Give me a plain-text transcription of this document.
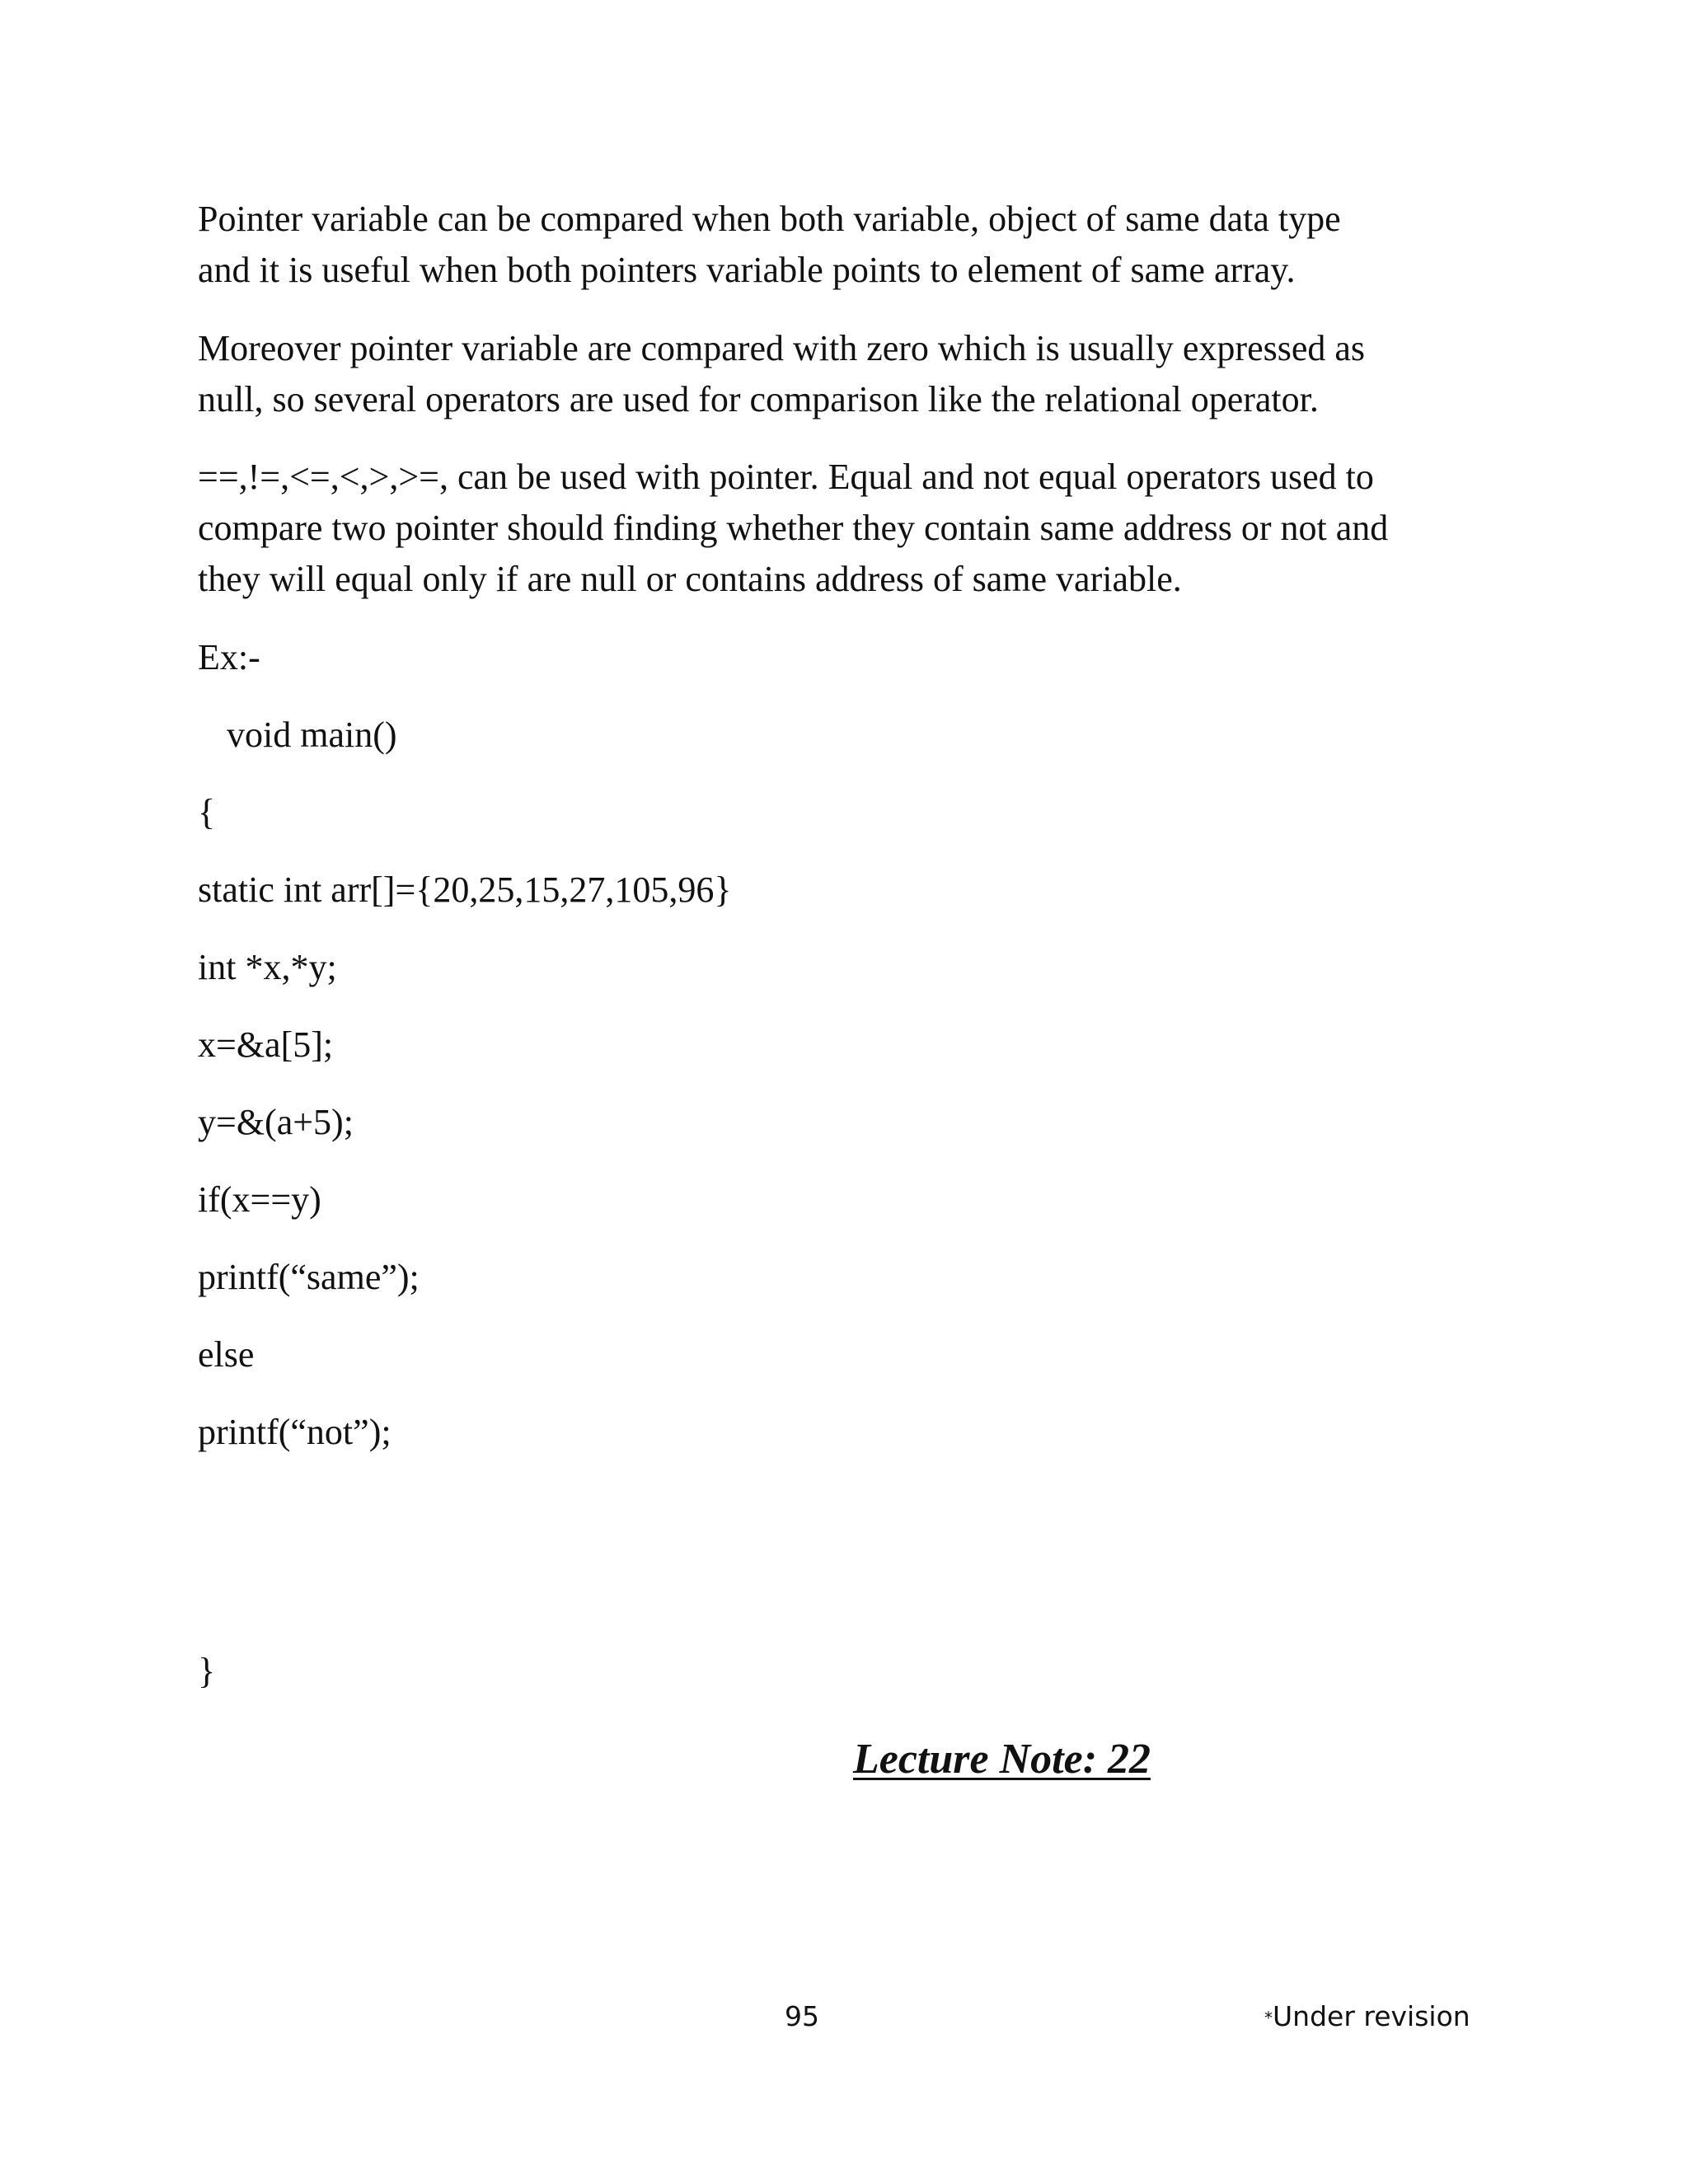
Pointer variable can be compared when both variable, object of same data type
and it is useful when both pointers variable points to element of same array.

Moreover pointer variable are compared with zero which is usually expressed as
null, so several operators are used for comparison like the relational operator.

==,!=,<=,<,>,>=, can be used with pointer. Equal and not equal operators used to
compare two pointer should finding whether they contain same address or not and
they will equal only if are null or contains address of same variable.

Ex:-
void main()
{
static int arr[]={20,25,15,27,105,96}
int *x,*y;
x=&a[5];
y=&(a+5);
if(x==y)
printf(“same”);
else
printf(“not”);
}
Lecture Note: 22
95	*Under revision
